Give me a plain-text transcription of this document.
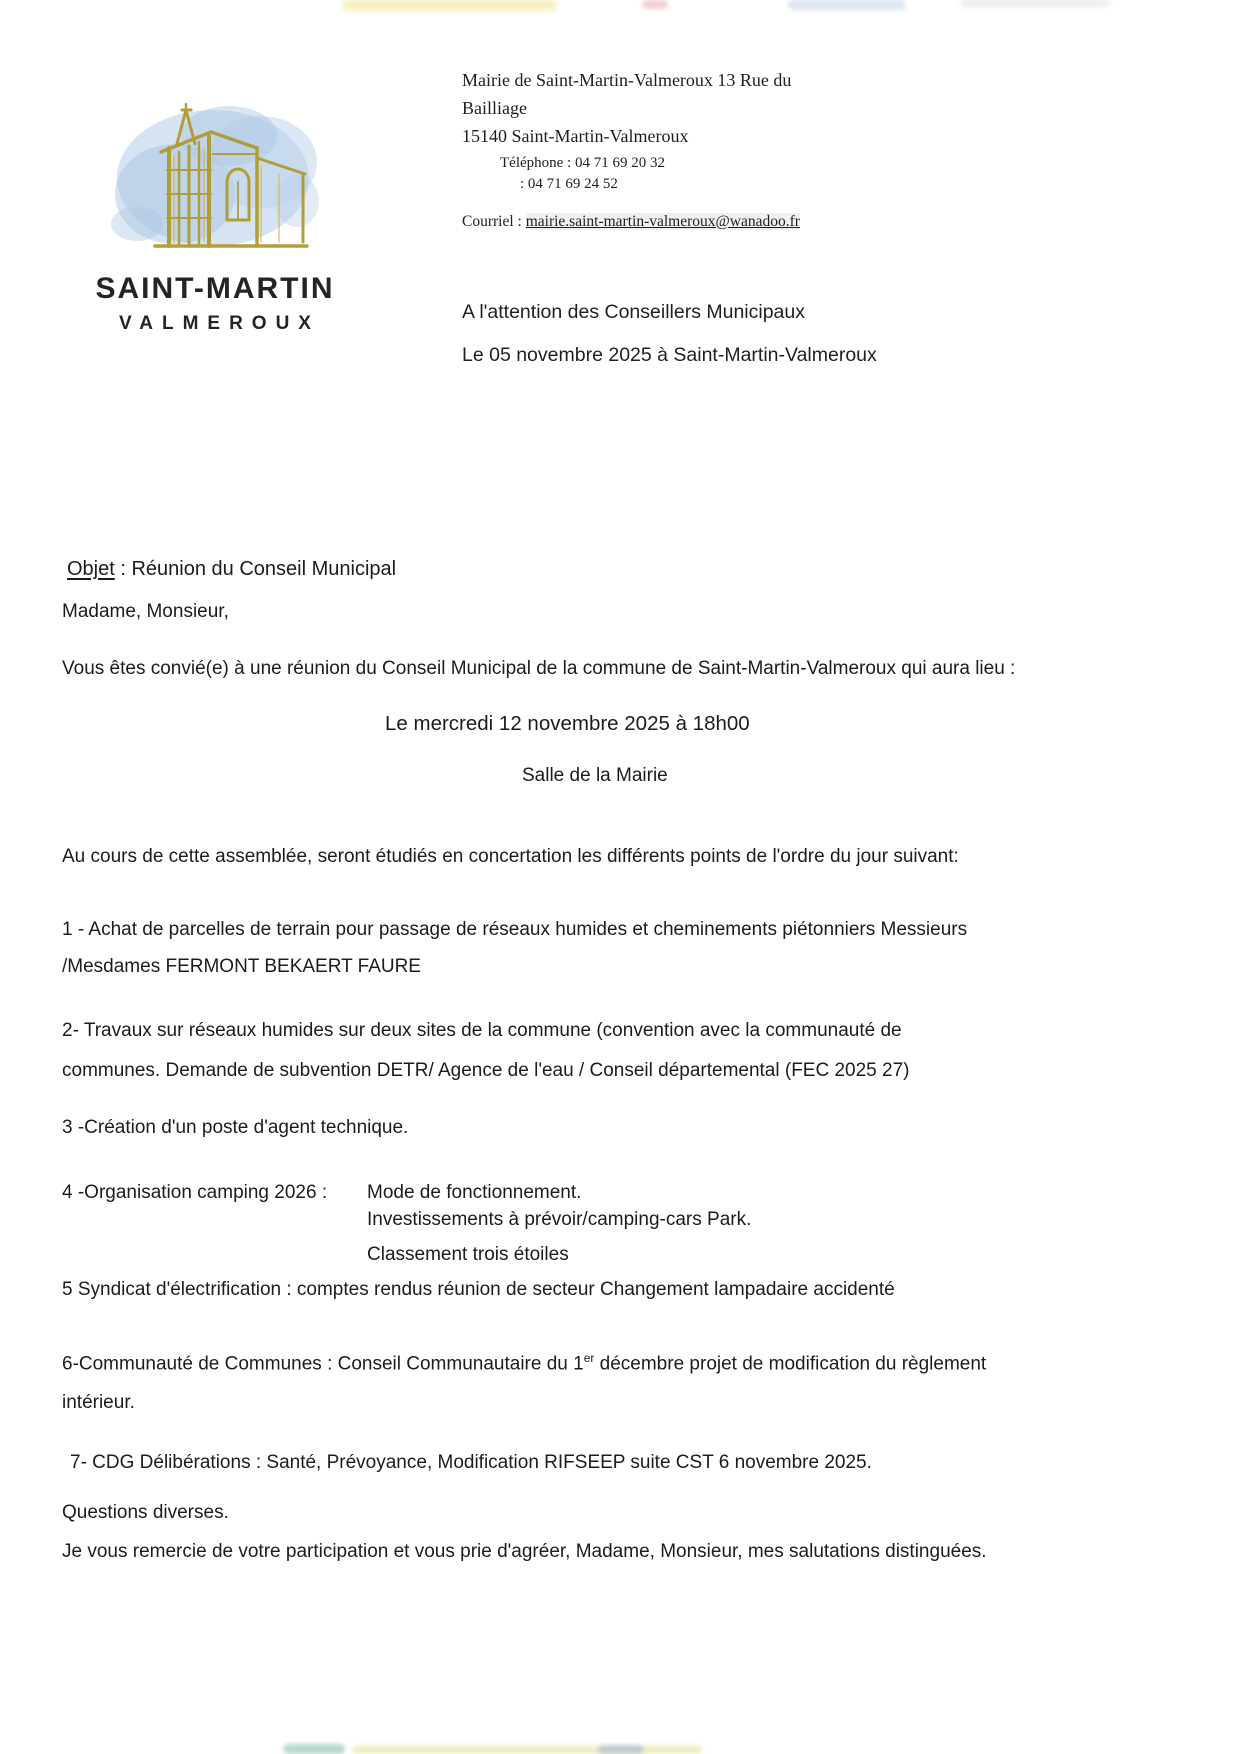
SAINT-MARTIN
VALMEROUX
Mairie de Saint-Martin-Valmeroux 13 Rue du
Bailliage
15140 Saint-Martin-Valmeroux
Téléphone : 04 71 69 20 32
: 04 71 69 24 52
Courriel : mairie.saint-martin-valmeroux@wanadoo.fr
A l'attention des Conseillers Municipaux
Le 05 novembre 2025 à Saint-Martin-Valmeroux
Objet : Réunion du Conseil Municipal
Madame, Monsieur,
Vous êtes convié(e) à une réunion du Conseil Municipal de la commune de Saint-Martin-Valmeroux qui aura lieu :
Le mercredi 12 novembre 2025 à 18h00
Salle de la Mairie
Au cours de cette assemblée, seront étudiés en concertation les différents points de l'ordre du jour suivant:
1 - Achat de parcelles de terrain pour passage de réseaux humides et cheminements piétonniers Messieurs /Mesdames FERMONT BEKAERT FAURE
2- Travaux sur réseaux humides sur deux sites de la commune (convention avec la communauté de communes. Demande de subvention DETR/ Agence de l'eau / Conseil départemental (FEC 2025 27)
3 -Création d'un poste d'agent technique.
4 -Organisation camping 2026 :	Mode de fonctionnement.
Investissements à prévoir/camping-cars Park.
Classement trois étoiles
5 Syndicat d'électrification : comptes rendus réunion de secteur Changement lampadaire accidenté
6-Communauté de Communes : Conseil Communautaire du 1er décembre projet de modification du règlement intérieur.
7- CDG Délibérations : Santé, Prévoyance, Modification RIFSEEP suite CST 6 novembre 2025.
Questions diverses.
Je vous remercie de votre participation et vous prie d'agréer, Madame, Monsieur, mes salutations distinguées.
